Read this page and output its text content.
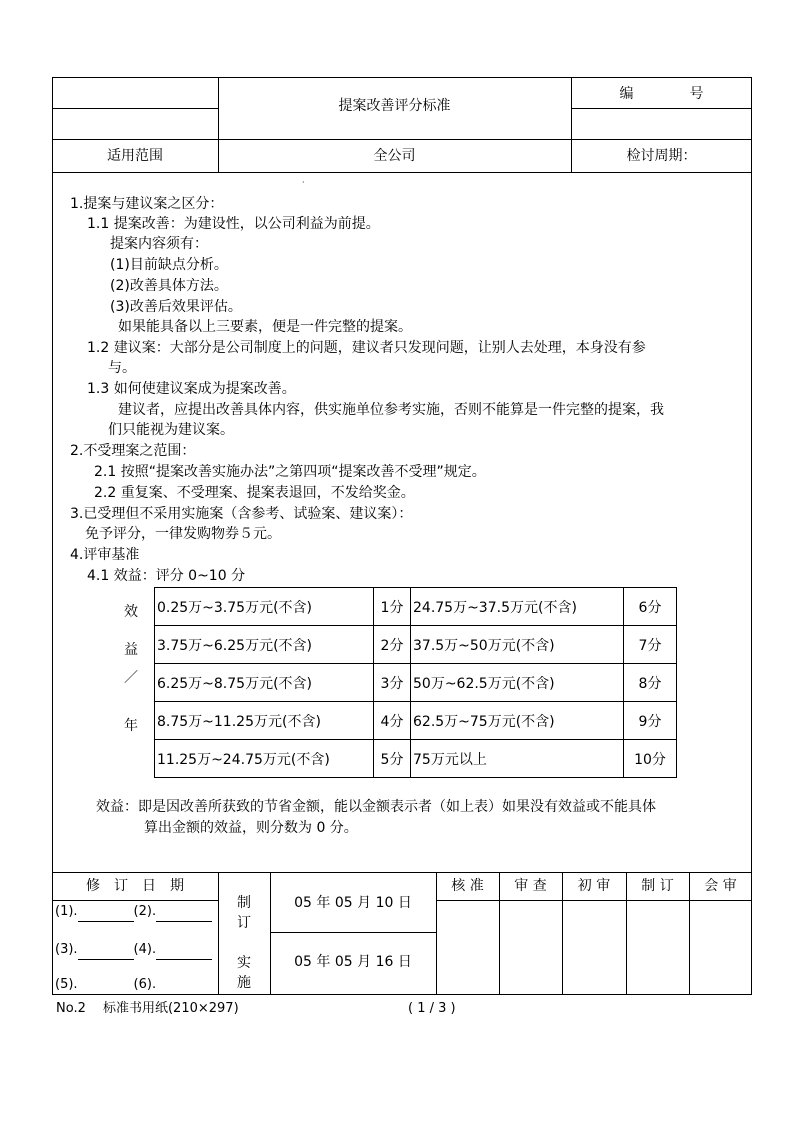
提案改善评分标准
编　　　　号
适用范围	全公司	检讨周期：
·
1.提案与建议案之区分：
1.1 提案改善：为建设性，以公司利益为前提。
提案内容须有：
(1)目前缺点分析。
(2)改善具体方法。
(3)改善后效果评估。
如果能具备以上三要素，便是一件完整的提案。
1.2 建议案：大部分是公司制度上的问题，建议者只发现问题，让别人去处理，本身没有参
与。
1.3 如何使建议案成为提案改善。
建议者，应提出改善具体内容，供实施单位参考实施，否则不能算是一件完整的提案，我
们只能视为建议案。
2.不受理案之范围：
2.1 按照“提案改善实施办法”之第四项“提案改善不受理”规定。
2.2 重复案、不受理案、提案表退回，不发给奖金。
3.已受理但不采用实施案（含参考、试验案、建议案）：
免予评分，一律发购物券５元。
4.评审基准
4.1 效益：评分 0~10 分
效
益
／
年
0.25万~3.75万元(不含)	1分	24.75万~37.5万元(不含)	6分
3.75万~6.25万元(不含)	2分	37.5万~50万元(不含)	7分
6.25万~8.75万元(不含)	3分	50万~62.5万元(不含)	8分
8.75万~11.25万元(不含)	4分	62.5万~75万元(不含)	9分
11.25万~24.75万元(不含)	5分	75万元以上	10分
效益：即是因改善所获致的节省金额，能以金额表示者（如上表）如果没有效益或不能具体
算出金额的效益，则分数为 0 分。
修　订　日　期
(1).	(2).
(3).	(4).
(5).	(6).
制
订
实
施
05 年 05 月 10 日
05 年 05 月 16 日
核 准	审 查	初 审	制 订	会 审
No.2　 标准书用纸(210×297)	( 1 / 3 )
